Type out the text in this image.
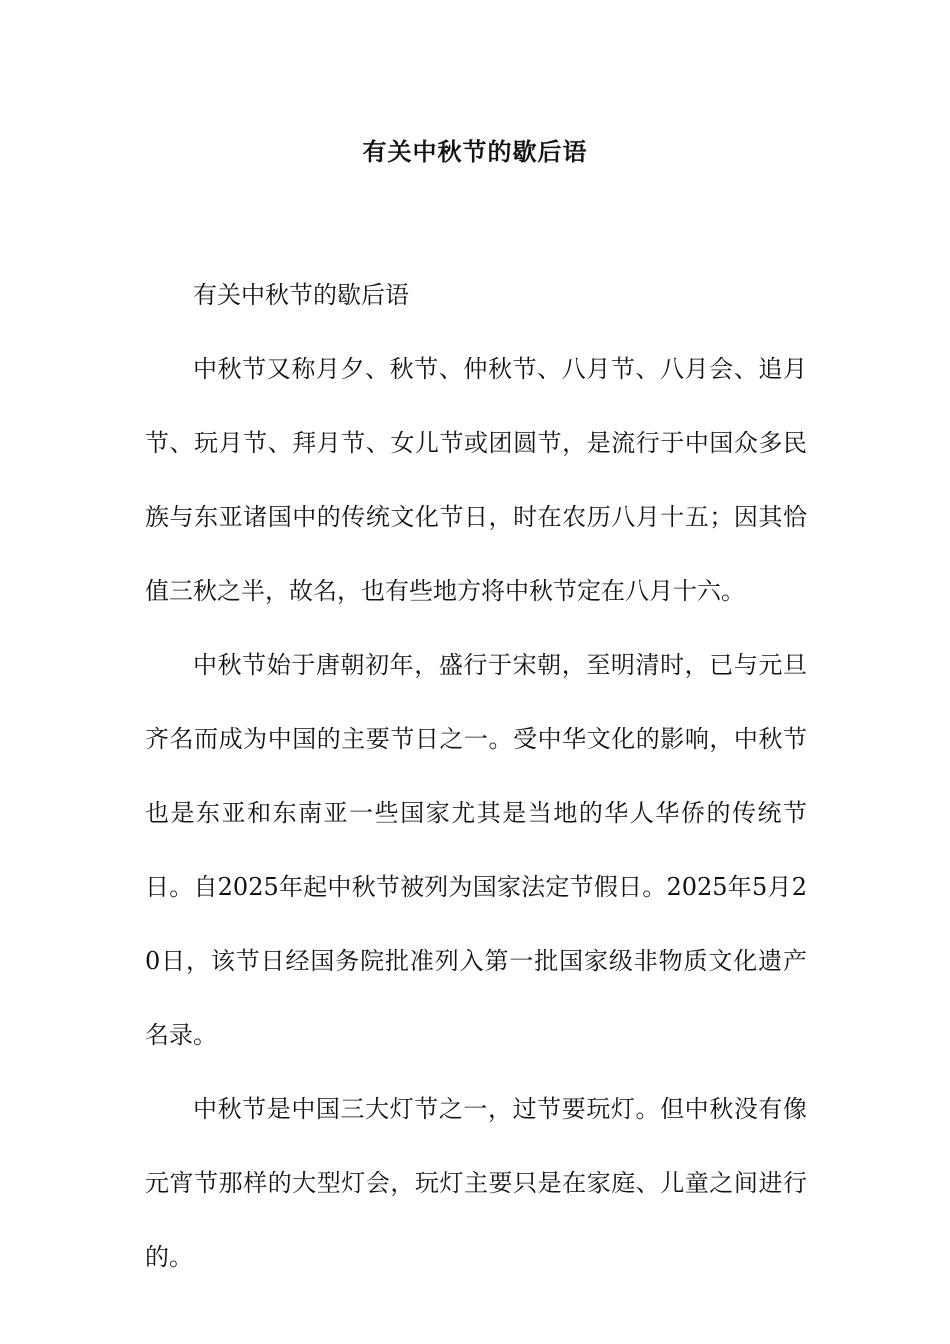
有关中秋节的歇后语

有关中秋节的歇后语

中秋节又称月夕、秋节、仲秋节、八月节、八月会、追月节、玩月节、拜月节、女儿节或团圆节，是流行于中国众多民族与东亚诸国中的传统文化节日，时在农历八月十五；因其恰值三秋之半，故名，也有些地方将中秋节定在八月十六。

中秋节始于唐朝初年，盛行于宋朝，至明清时，已与元旦齐名而成为中国的主要节日之一。受中华文化的影响，中秋节也是东亚和东南亚一些国家尤其是当地的华人华侨的传统节日。自2025年起中秋节被列为国家法定节假日。2025年5月20日，该节日经国务院批准列入第一批国家级非物质文化遗产名录。

中秋节是中国三大灯节之一，过节要玩灯。但中秋没有像元宵节那样的大型灯会，玩灯主要只是在家庭、儿童之间进行的。
